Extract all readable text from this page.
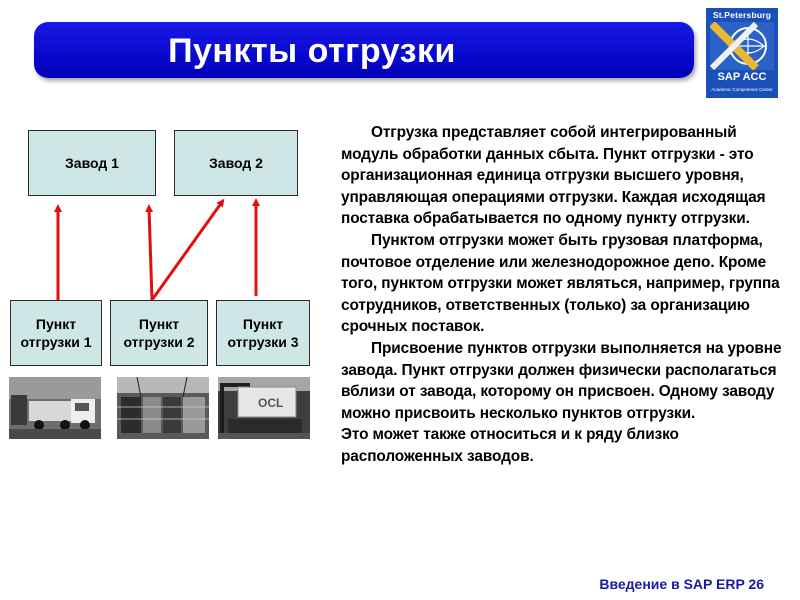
Пункты отгрузки
St.Petersburg
SAP ACC
Academic Competence Center
Завод 1	Завод 2
Пункт
отгрузки 1
Пункт
отгрузки 2
Пункт
отгрузки 3
OCL

Отгрузка представляет собой интегрированный модуль обработки данных сбыта. Пункт отгрузки - это организационная единица отгрузки высшего уровня, управляющая операциями отгрузки. Каждая исходящая поставка обрабатывается по одному пункту отгрузки.

Пунктом отгрузки может быть грузовая платформа, почтовое отделение или железнодорожное депо. Кроме того, пунктом отгрузки может являться, например, группа сотрудников, ответственных (только) за организацию срочных поставок.

Присвоение пунктов отгрузки выполняется на уровне завода. Пункт отгрузки должен физически располагаться вблизи от завода, которому он присвоен. Одному заводу можно присвоить несколько пунктов отгрузки.

Это может также относиться и к ряду близко расположенных заводов.

Введение в SAP ERP 26
